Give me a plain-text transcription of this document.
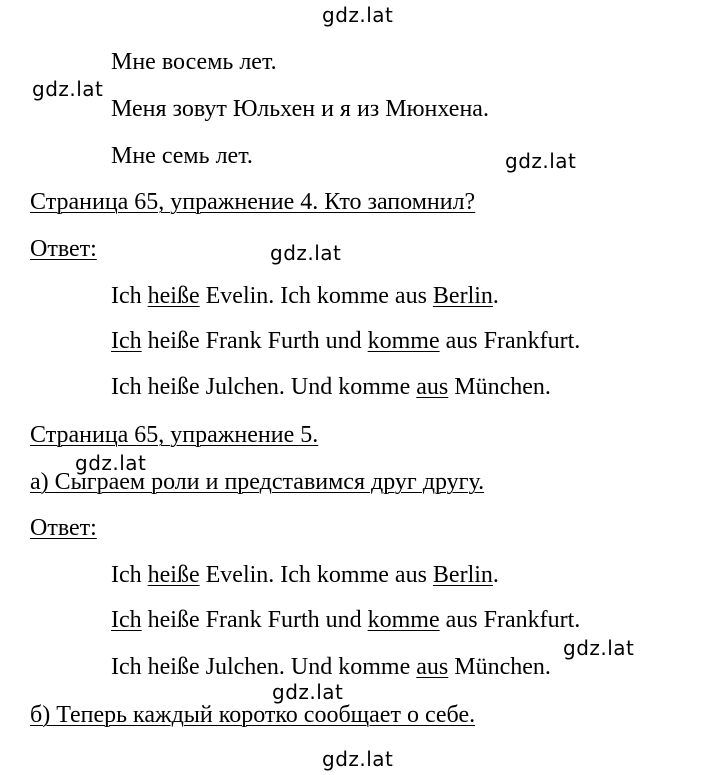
Мне восемь лет.
Меня зовут Юльхен и я из Мюнхена.
Мне семь лет.
Страница 65, упражнение 4. Кто запомнил?
Ответ:
Ich heiße Evelin. Ich komme aus Berlin.
Ich heiße Frank Furth und komme aus Frankfurt.
Ich heiße Julchen. Und komme aus München.
Страница 65, упражнение 5.
а) Сыграем роли и представимся друг другу.
Ответ:
Ich heiße Evelin. Ich komme aus Berlin.
Ich heiße Frank Furth und komme aus Frankfurt.
Ich heiße Julchen. Und komme aus München.
б) Теперь каждый коротко сообщает о себе.
gdz.lat
gdz.lat
gdz.lat
gdz.lat
gdz.lat
gdz.lat
gdz.lat
gdz.lat
